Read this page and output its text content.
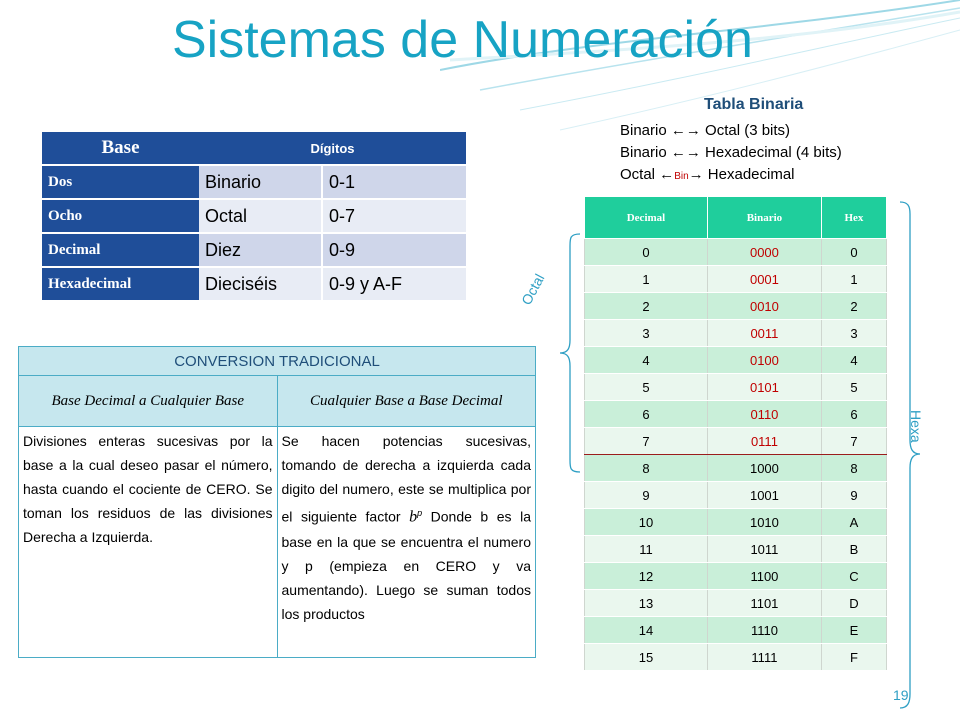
Sistemas de Numeración
Base	Dígitos	
Dos	Binario	0-1
Ocho	Octal	0-7
Decimal	Diez	0-9
Hexadecimal	Dieciséis	0-9 y A-F
Tabla Binaria
Binario ←→ Octal (3 bits)
Binario ←→ Hexadecimal (4 bits)
Octal ←Bin→ Hexadecimal
CONVERSION TRADICIONAL	
Base Decimal a Cualquier Base	Cualquier Base a Base Decimal
Divisiones enteras sucesivas por la base a la cual deseo pasar el número, hasta cuando el cociente de CERO. Se toman los residuos de las divisiones Derecha a Izquierda.	Se hacen potencias sucesivas, tomando de derecha a izquierda cada digito del numero, este se multiplica por el siguiente factor $b^p$ Donde b es la base en la que se encuentra el numero y p (empieza en CERO y va aumentando). Luego se suman todos los productos
Decimal	Binario	Hex
0	0000	0
1	0001	1
2	0010	2
3	0011	3
4	0100	4
5	0101	5
6	0110	6
7	0111	7
8	1000	8
9	1001	9
10	1010	A
11	1011	B
12	1100	C
13	1101	D
14	1110	E
15	1111	F
Octal
Hexa
19
